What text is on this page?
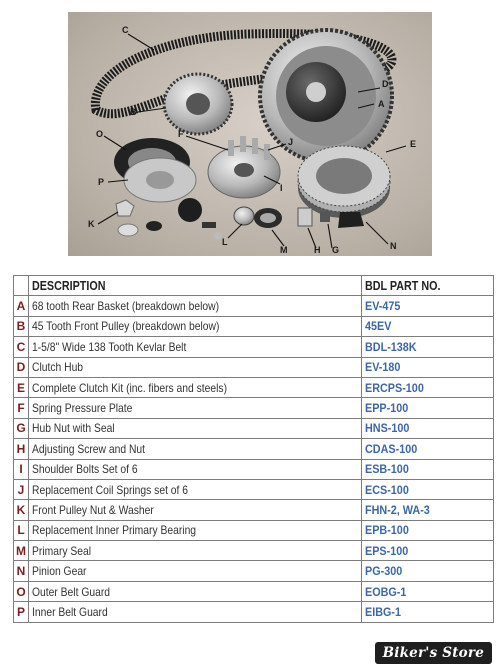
C
D
B
A
O	F
J	E
P
I
K
L
M	H G	N
	DESCRIPTION	BDL PART NO.
A	68 tooth Rear Basket (breakdown below)	EV-475
B	45 Tooth Front Pulley (breakdown below)	45EV
C	1-5/8" Wide 138 Tooth Kevlar Belt	BDL-138K
D	Clutch Hub	EV-180
E	Complete Clutch Kit (inc. fibers and steels)	ERCPS-100
F	Spring Pressure Plate	EPP-100
G	Hub Nut with Seal	HNS-100
H	Adjusting Screw and Nut	CDAS-100
I	Shoulder Bolts Set of 6	ESB-100
J	Replacement Coil Springs set of 6	ECS-100
K	Front Pulley Nut & Washer	FHN-2, WA-3
L	Replacement Inner Primary Bearing	EPB-100
M	Primary Seal	EPS-100
N	Pinion Gear	PG-300
O	Outer Belt Guard	EOBG-1
P	Inner Belt Guard	EIBG-1
Biker's Store
